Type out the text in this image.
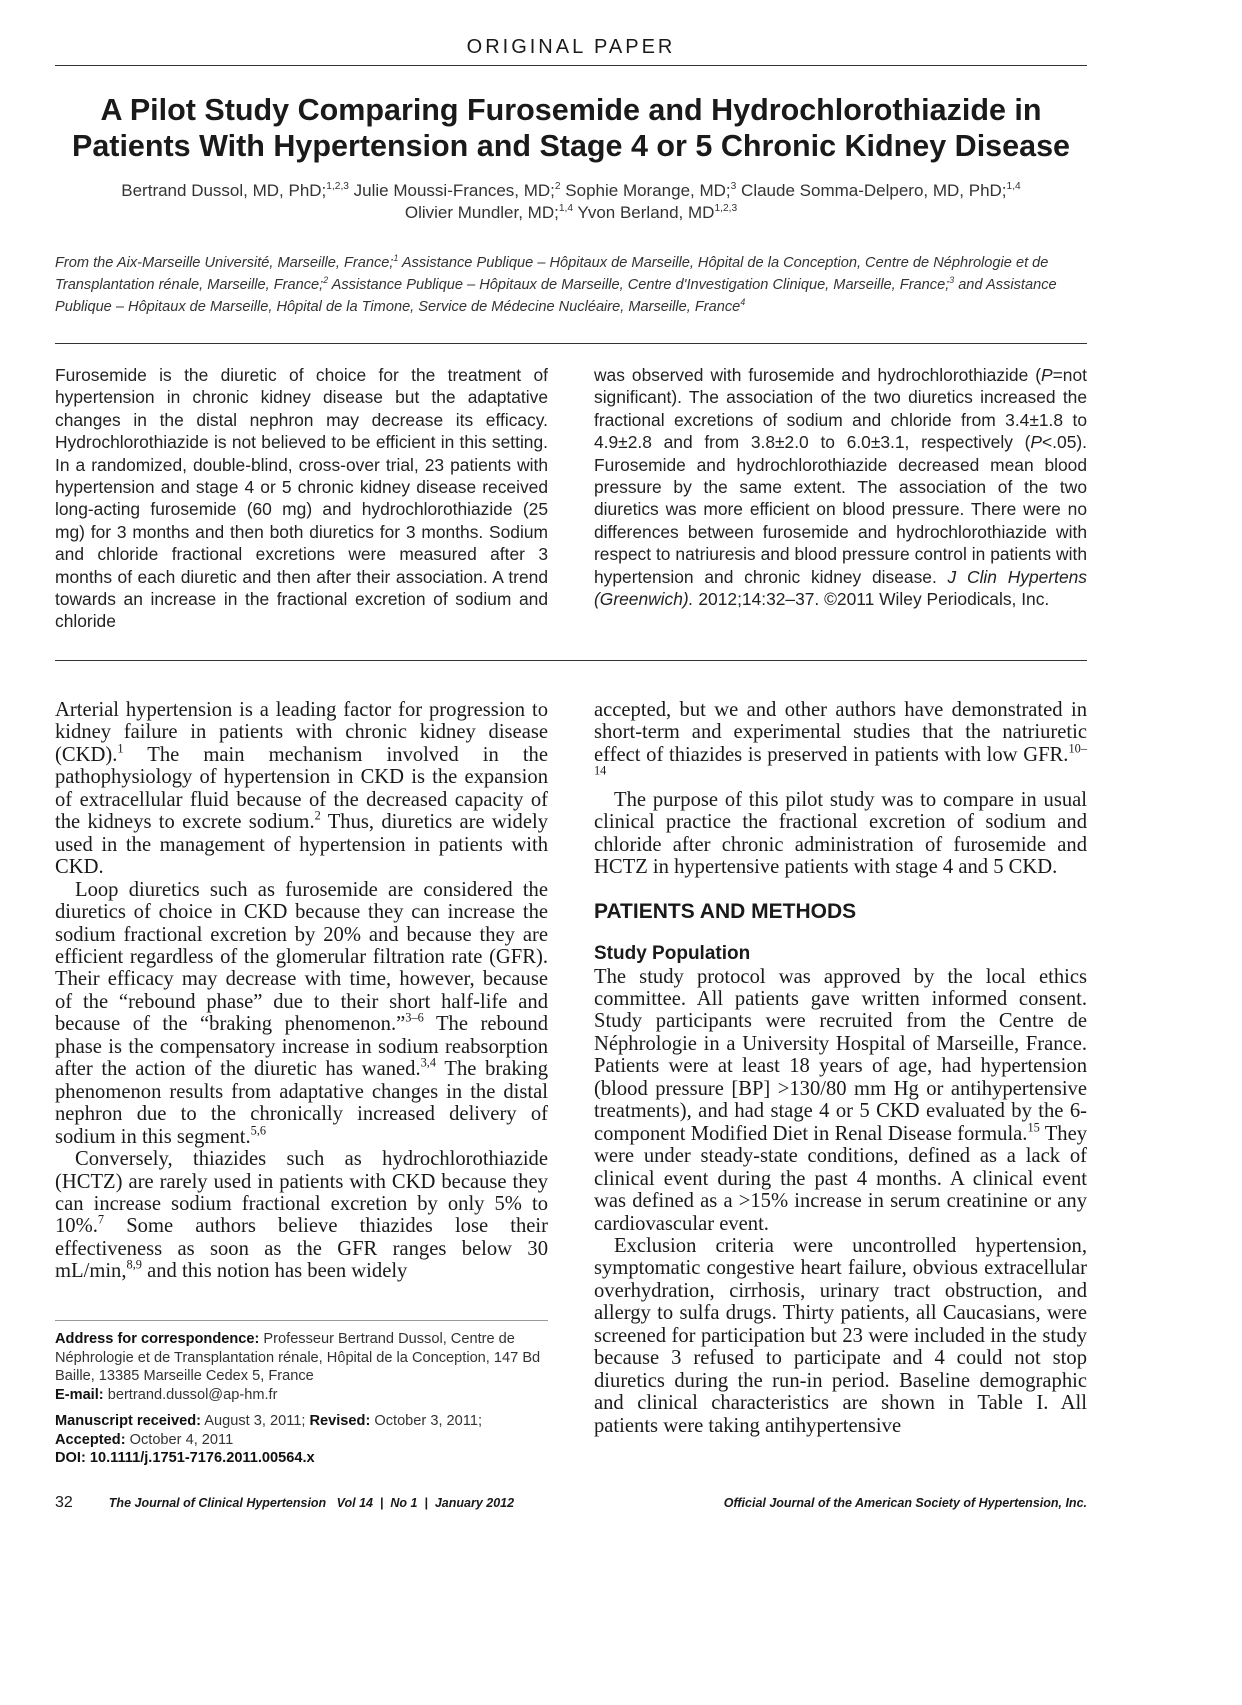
ORIGINAL PAPER
A Pilot Study Comparing Furosemide and Hydrochlorothiazide in
Patients With Hypertension and Stage 4 or 5 Chronic Kidney Disease
Bertrand Dussol, MD, PhD;$^{1,2,3}$ Julie Moussi-Frances, MD;$^2$ Sophie Morange, MD;$^3$ Claude Somma-Delpero, MD, PhD;$^{1,4}$
Olivier Mundler, MD;$^{1,4}$ Yvon Berland, MD$^{1,2,3}$
From the Aix-Marseille Université, Marseille, France;$^1$ Assistance Publique – Hôpitaux de Marseille, Hôpital de la Conception, Centre de Néphrologie et de Transplantation rénale, Marseille, France;$^2$ Assistance Publique – Hôpitaux de Marseille, Centre d'Investigation Clinique, Marseille, France;$^3$ and Assistance Publique – Hôpitaux de Marseille, Hôpital de la Timone, Service de Médecine Nucléaire, Marseille, France$^4$
Furosemide is the diuretic of choice for the treatment of hypertension in chronic kidney disease but the adaptative changes in the distal nephron may decrease its efficacy. Hydrochlorothiazide is not believed to be efficient in this setting. In a randomized, double-blind, cross-over trial, 23 patients with hypertension and stage 4 or 5 chronic kidney disease received long-acting furosemide (60 mg) and hydrochlorothiazide (25 mg) for 3 months and then both diuretics for 3 months. Sodium and chloride fractional excretions were measured after 3 months of each diuretic and then after their association. A trend towards an increase in the fractional excretion of sodium and chloride
was observed with furosemide and hydrochlorothiazide (P=not significant). The association of the two diuretics increased the fractional excretions of sodium and chloride from 3.4±1.8 to 4.9±2.8 and from 3.8±2.0 to 6.0±3.1, respectively (P<.05). Furosemide and hydrochlorothiazide decreased mean blood pressure by the same extent. The association of the two diuretics was more efficient on blood pressure. There were no differences between furosemide and hydrochlorothiazide with respect to natriuresis and blood pressure control in patients with hypertension and chronic kidney disease. J Clin Hypertens (Greenwich). 2012;14:32–37. ©2011 Wiley Periodicals, Inc.

Arterial hypertension is a leading factor for progression to kidney failure in patients with chronic kidney disease (CKD).$^1$ The main mechanism involved in the pathophysiology of hypertension in CKD is the expansion of extracellular fluid because of the decreased capacity of the kidneys to excrete sodium.$^2$ Thus, diuretics are widely used in the management of hypertension in patients with CKD.

Loop diuretics such as furosemide are considered the diuretics of choice in CKD because they can increase the sodium fractional excretion by 20% and because they are efficient regardless of the glomerular filtration rate (GFR). Their efficacy may decrease with time, however, because of the “rebound phase” due to their short half-life and because of the “braking phenomenon.”$^{3-6}$ The rebound phase is the compensatory increase in sodium reabsorption after the action of the diuretic has waned.$^{3,4}$ The braking phenomenon results from adaptative changes in the distal nephron due to the chronically increased delivery of sodium in this segment.$^{5,6}$

Conversely, thiazides such as hydrochlorothiazide (HCTZ) are rarely used in patients with CKD because they can increase sodium fractional excretion by only 5% to 10%.$^7$ Some authors believe thiazides lose their effectiveness as soon as the GFR ranges below 30 mL/min,$^{8,9}$ and this notion has been widely

accepted, but we and other authors have demonstrated in short-term and experimental studies that the natriuretic effect of thiazides is preserved in patients with low GFR.$^{10-14}$

The purpose of this pilot study was to compare in usual clinical practice the fractional excretion of sodium and chloride after chronic administration of furosemide and HCTZ in hypertensive patients with stage 4 and 5 CKD.

PATIENTS AND METHODS
Study Population

The study protocol was approved by the local ethics committee. All patients gave written informed consent. Study participants were recruited from the Centre de Néphrologie in a University Hospital of Marseille, France. Patients were at least 18 years of age, had hypertension (blood pressure [BP] >130/80 mm Hg or antihypertensive treatments), and had stage 4 or 5 CKD evaluated by the 6-component Modified Diet in Renal Disease formula.$^{15}$ They were under steady-state conditions, defined as a lack of clinical event during the past 4 months. A clinical event was defined as a >15% increase in serum creatinine or any cardiovascular event.

Exclusion criteria were uncontrolled hypertension, symptomatic congestive heart failure, obvious extracellular overhydration, cirrhosis, urinary tract obstruction, and allergy to sulfa drugs. Thirty patients, all Caucasians, were screened for participation but 23 were included in the study because 3 refused to participate and 4 could not stop diuretics during the run-in period. Baseline demographic and clinical characteristics are shown in Table I. All patients were taking antihypertensive

Address for correspondence: Professeur Bertrand Dussol, Centre de Néphrologie et de Transplantation rénale, Hôpital de la Conception, 147 Bd Baille, 13385 Marseille Cedex 5, France
E-mail: bertrand.dussol@ap-hm.fr
Manuscript received: August 3, 2011; Revised: October 3, 2011;
Accepted: October 4, 2011
DOI: 10.1111/j.1751-7176.2011.00564.x
32	The Journal of Clinical Hypertension   Vol 14  |  No 1  |  January 2012	Official Journal of the American Society of Hypertension, Inc.
